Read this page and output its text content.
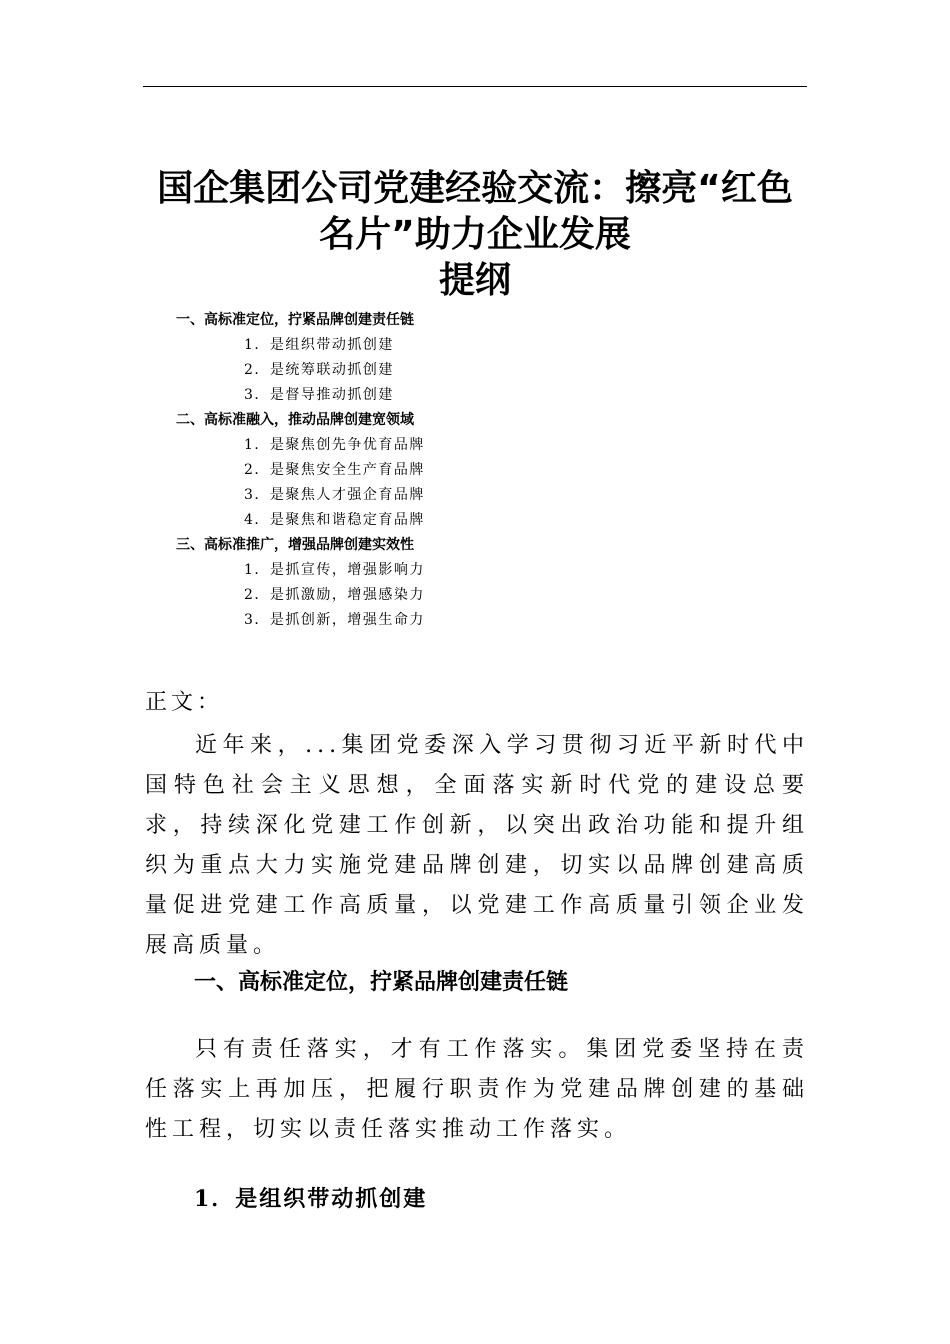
国企集团公司党建经验交流：擦亮“红色
名片”助力企业发展
提纲
一、高标准定位，拧紧品牌创建责任链
1．是组织带动抓创建
2．是统筹联动抓创建
3．是督导推动抓创建
二、高标准融入，推动品牌创建宽领域
1．是聚焦创先争优育品牌
2．是聚焦安全生产育品牌
3．是聚焦人才强企育品牌
4．是聚焦和谐稳定育品牌
三、高标准推广，增强品牌创建实效性
1．是抓宣传，增强影响力
2．是抓激励，增强感染力
3．是抓创新，增强生命力
正文：

近年来，...集团党委深入学习贯彻习近平新时代中国特色社会主义思想，全面落实新时代党的建设总要求，持续深化党建工作创新，以突出政治功能和提升组织为重点大力实施党建品牌创建，切实以品牌创建高质量促进党建工作高质量，以党建工作高质量引领企业发展高质量。

一、高标准定位，拧紧品牌创建责任链

只有责任落实，才有工作落实。集团党委坚持在责任落实上再加压，把履行职责作为党建品牌创建的基础性工程，切实以责任落实推动工作落实。

1．是组织带动抓创建
